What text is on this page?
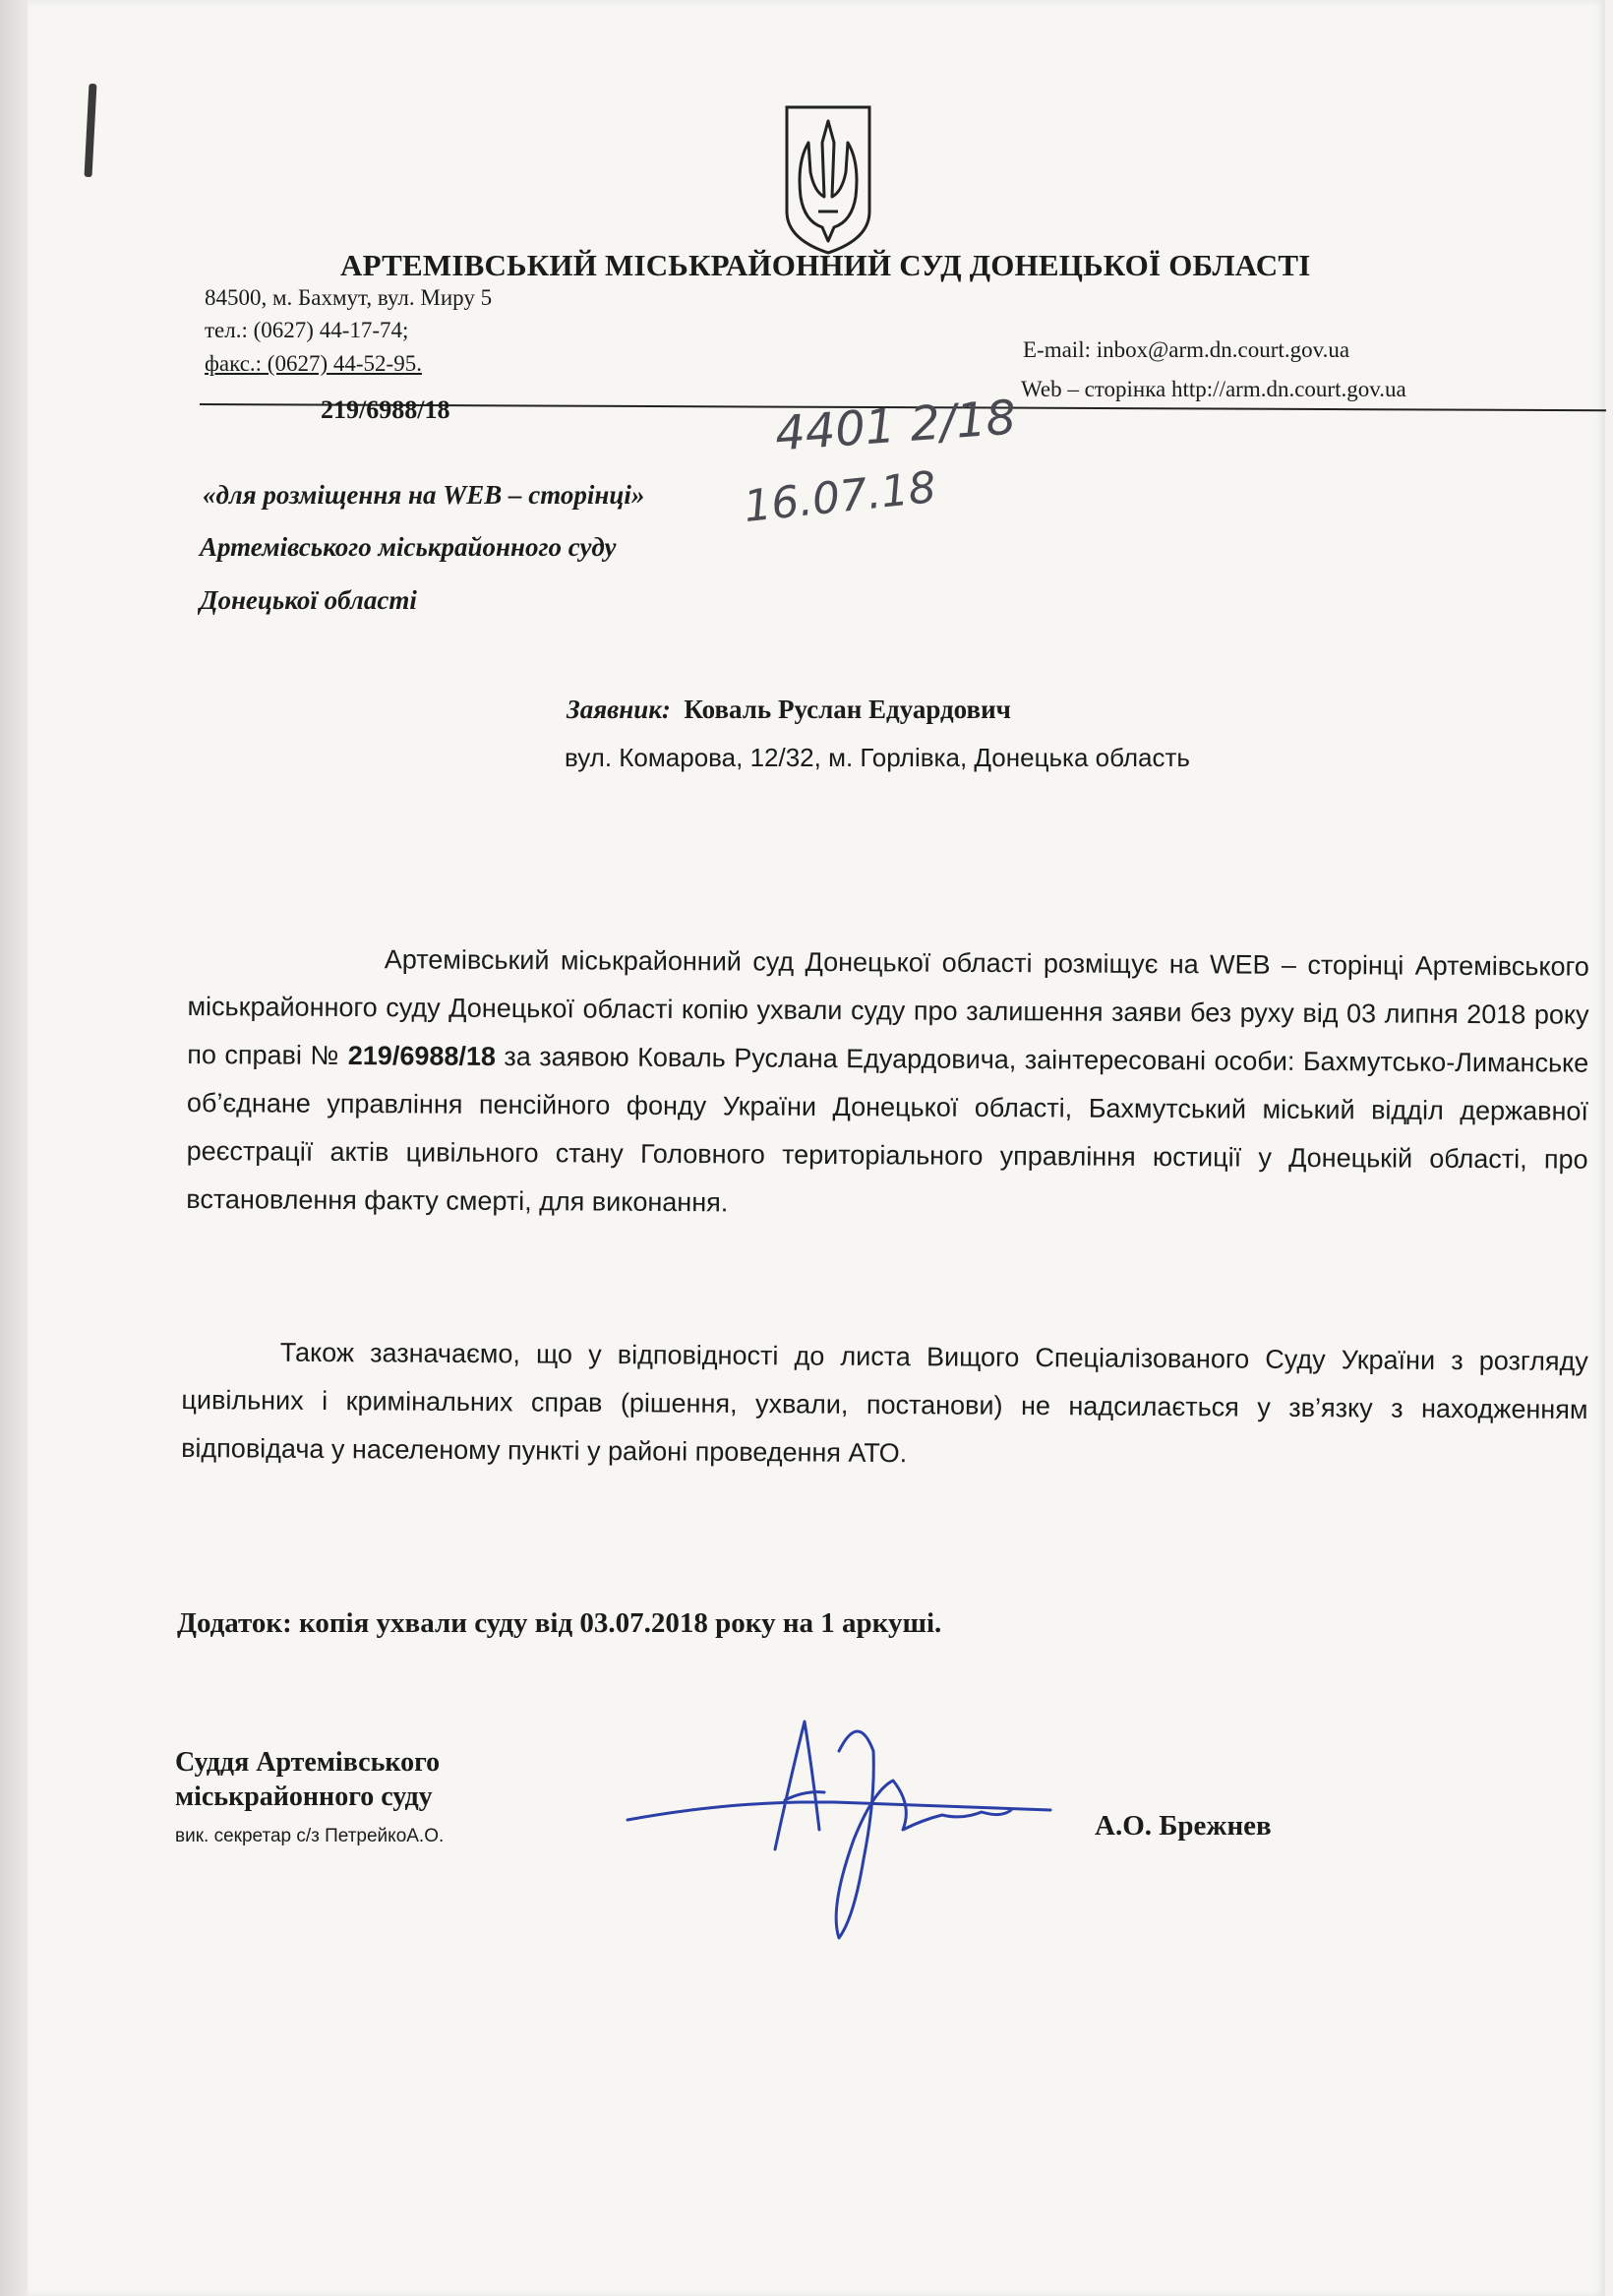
АРТЕМІВСЬКИЙ МІСЬКРАЙОННИЙ СУД ДОНЕЦЬКОЇ ОБЛАСТІ
84500, м. Бахмут, вул. Миру 5
тел.: (0627) 44-17-74;
факс.: (0627) 44-52-95.
E-mail: inbox@arm.dn.court.gov.ua
Web – сторінка http://arm.dn.court.gov.ua
219/6988/18	4401 2/18
16.07.18
«для розміщення на WEB – сторінці»
Артемівського міськрайонного суду
Донецької області
Заявник: Коваль Руслан Едуардович
вул. Комарова, 12/32, м. Горлівка, Донецька область
Артемівський міськрайонний суд Донецької області розміщує на WEB – сторінці Артемівського міськрайонного суду Донецької області копію ухвали суду про залишення заяви без руху від 03 липня 2018 року по справі № 219/6988/18 за заявою Коваль Руслана Едуардовича, заінтересовані особи: Бахмутсько-Лиманське об’єднане управління пенсійного фонду України Донецької області, Бахмутський міський відділ державної реєстрації актів цивільного стану Головного територіального управління юстиції у Донецькій області, про встановлення факту смерті, для виконання.
Також зазначаємо, що у відповідності до листа Вищого Спеціалізованого Суду України з розгляду цивільних і кримінальних справ (рішення, ухвали, постанови) не надсилається у зв’язку з находженням відповідача у населеному пункті у районі проведення АТО.
Додаток: копія ухвали суду від 03.07.2018 року на 1 аркуші.
Суддя Артемівського
міськрайонного суду
вик. секретар с/з ПетрейкоА.О.	А.О. Брежнев
